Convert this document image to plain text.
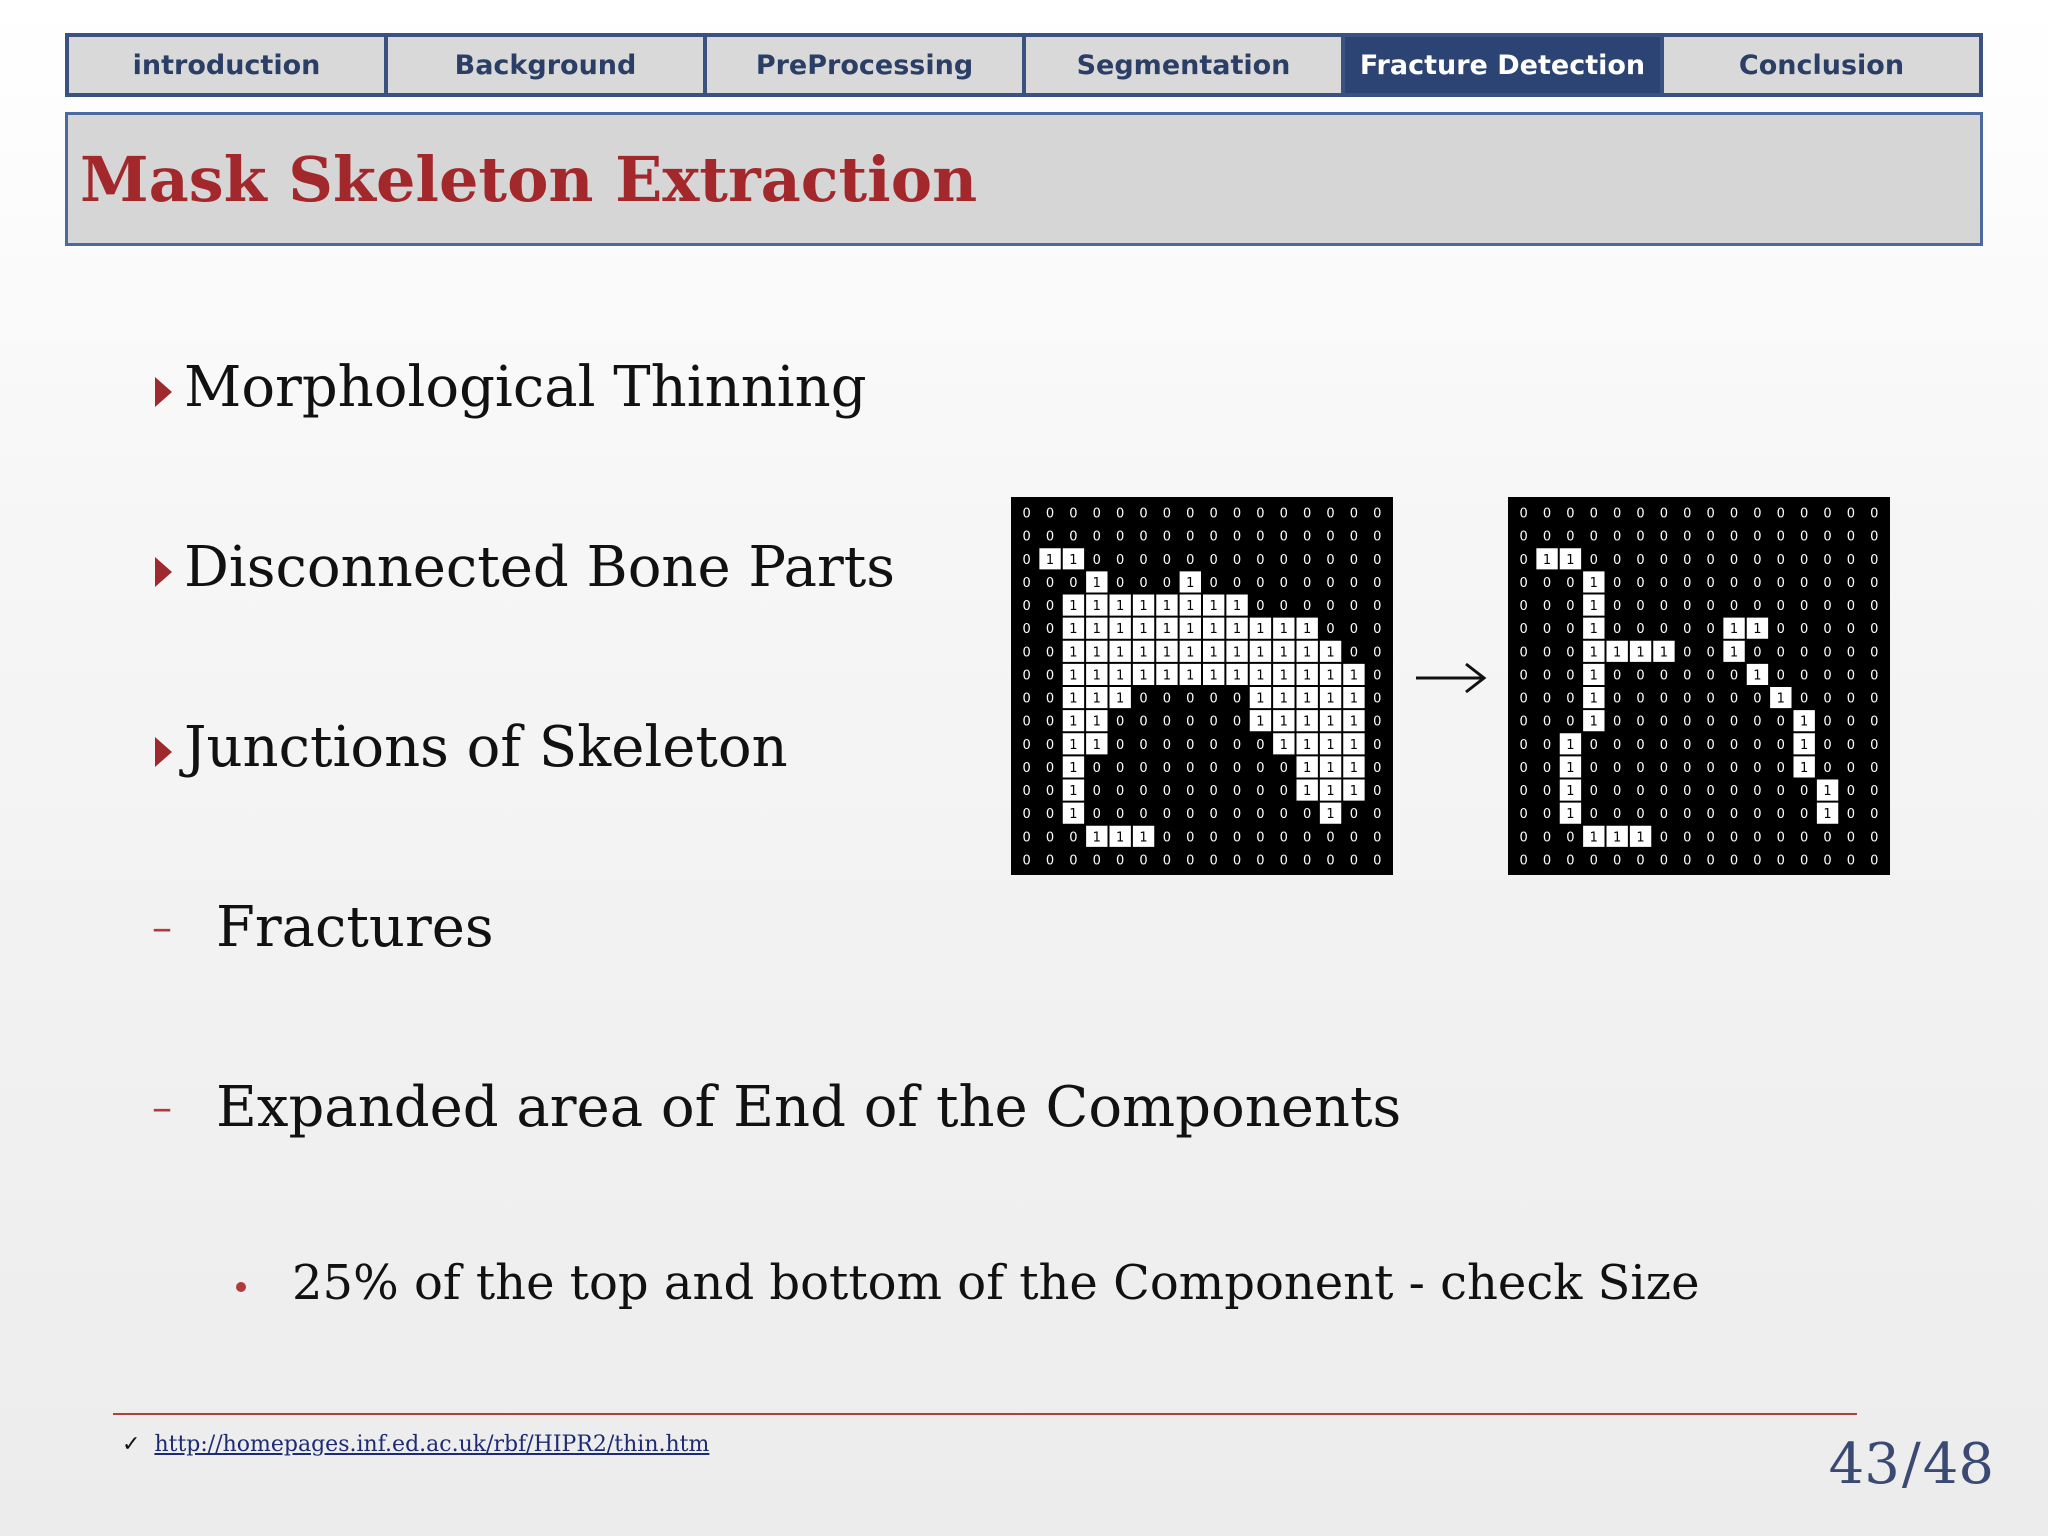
introduction	Background	PreProcessing	Segmentation	Fracture Detection	Conclusion
Mask Skeleton Extraction
Morphological Thinning
Disconnected Bone Parts
Junctions of Skeleton
– Fractures
– Expanded area of End of the Components
25% of the top and bottom of the Component - check Size
0 0 0 0 0 0 0 0 0 0 0 0 0 0 0 0
0 0 0 0 0 0 0 0 0 0 0 0 0 0 0 0
0 1 1 0 0 0 0 0 0 0 0 0 0 0 0 0
0 0 0 1 0 0 0 1 0 0 0 0 0 0 0 0
0 0 1 1 1 1 1 1 1 1 0 0 0 0 0 0
0 0 1 1 1 1 1 1 1 1 1 1 1 0 0 0
0 0 1 1 1 1 1 1 1 1 1 1 1 1 0 0
0 0 1 1 1 1 1 1 1 1 1 1 1 1 1 0
0 0 1 1 1 0 0 0 0 0 1 1 1 1 1 0
0 0 1 1 0 0 0 0 0 0 1 1 1 1 1 0
0 0 1 1 0 0 0 0 0 0 0 1 1 1 1 0
0 0 1 0 0 0 0 0 0 0 0 0 1 1 1 0
0 0 1 0 0 0 0 0 0 0 0 0 1 1 1 0
0 0 1 0 0 0 0 0 0 0 0 0 0 1 0 0
0 0 0 1 1 1 0 0 0 0 0 0 0 0 0 0
0 0 0 0 0 0 0 0 0 0 0 0 0 0 0 0
0 0 0 0 0 0 0 0 0 0 0 0 0 0 0 0
0 0 0 0 0 0 0 0 0 0 0 0 0 0 0 0
0 1 1 0 0 0 0 0 0 0 0 0 0 0 0 0
0 0 0 1 0 0 0 0 0 0 0 0 0 0 0 0
0 0 0 1 0 0 0 0 0 0 0 0 0 0 0 0
0 0 0 1 0 0 0 0 0 1 1 0 0 0 0 0
0 0 0 1 1 1 1 0 0 1 0 0 0 0 0 0
0 0 0 1 0 0 0 0 0 0 1 0 0 0 0 0
0 0 0 1 0 0 0 0 0 0 0 1 0 0 0 0
0 0 0 1 0 0 0 0 0 0 0 0 1 0 0 0
0 0 1 0 0 0 0 0 0 0 0 0 1 0 0 0
0 0 1 0 0 0 0 0 0 0 0 0 1 0 0 0
0 0 1 0 0 0 0 0 0 0 0 0 0 1 0 0
0 0 1 0 0 0 0 0 0 0 0 0 0 1 0 0
0 0 0 1 1 1 0 0 0 0 0 0 0 0 0 0
0 0 0 0 0 0 0 0 0 0 0 0 0 0 0 0
✓ http://homepages.inf.ed.ac.uk/rbf/HIPR2/thin.htm	43 / 48
